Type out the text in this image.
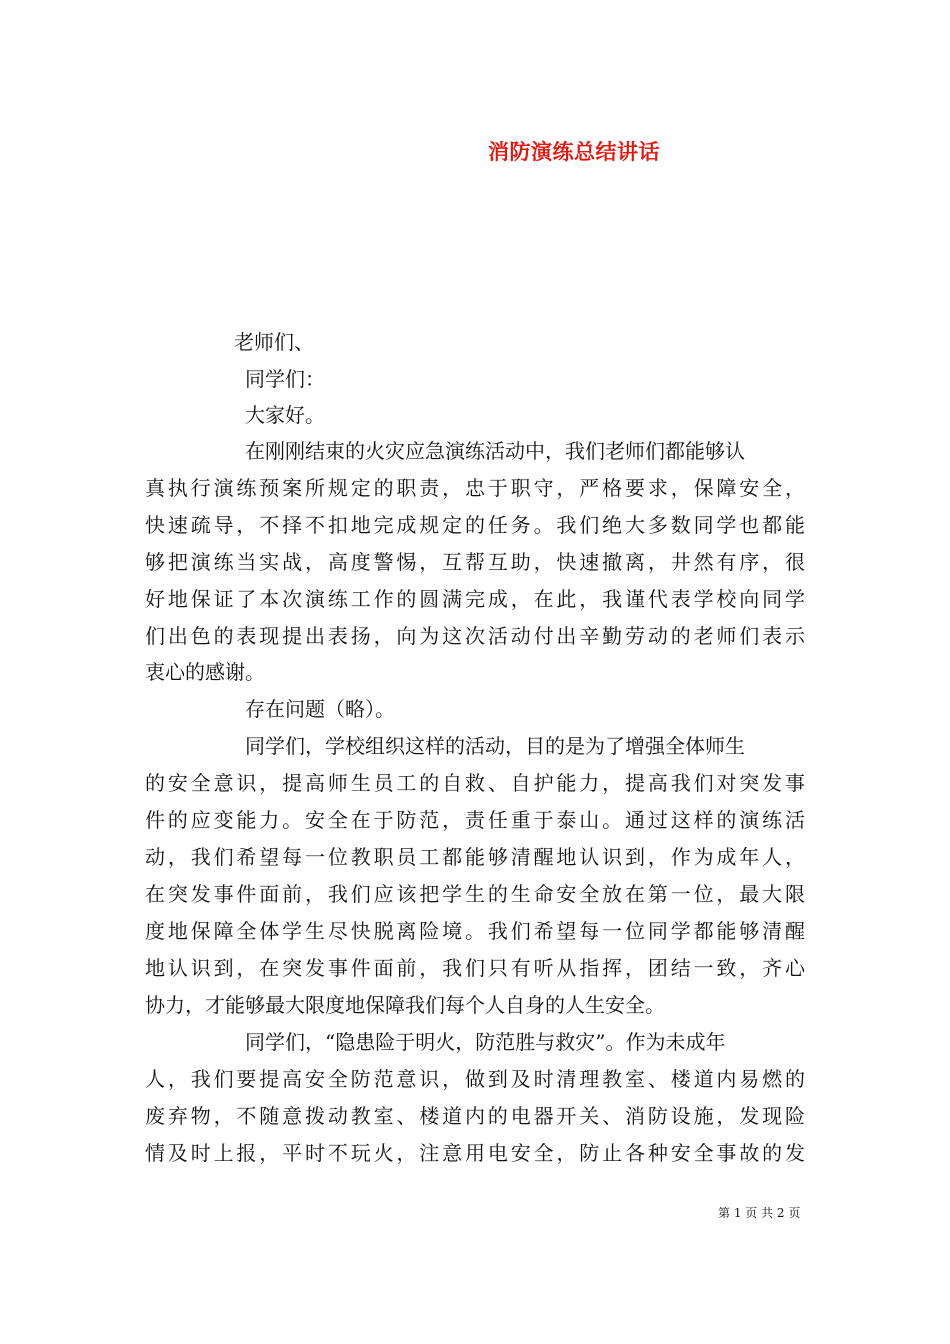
消防演练总结讲话
老师们、
同学们：
大家好。
在刚刚结束的火灾应急演练活动中，我们老师们都能够认
真执行演练预案所规定的职责，忠于职守，严格要求，保障安全，
快速疏导，不择不扣地完成规定的任务。我们绝大多数同学也都能
够把演练当实战，高度警惕，互帮互助，快速撤离，井然有序，很
好地保证了本次演练工作的圆满完成，在此，我谨代表学校向同学
们出色的表现提出表扬，向为这次活动付出辛勤劳动的老师们表示
衷心的感谢。
存在问题（略）。
同学们，学校组织这样的活动，目的是为了增强全体师生
的安全意识，提高师生员工的自救、自护能力，提高我们对突发事
件的应变能力。安全在于防范，责任重于泰山。通过这样的演练活
动，我们希望每一位教职员工都能够清醒地认识到，作为成年人，
在突发事件面前，我们应该把学生的生命安全放在第一位，最大限
度地保障全体学生尽快脱离险境。我们希望每一位同学都能够清醒
地认识到，在突发事件面前，我们只有听从指挥，团结一致，齐心
协力，才能够最大限度地保障我们每个人自身的人生安全。
同学们，“隐患险于明火，防范胜与救灾”。作为未成年
人，我们要提高安全防范意识，做到及时清理教室、楼道内易燃的
废弃物，不随意拨动教室、楼道内的电器开关、消防设施，发现险
情及时上报，平时不玩火，注意用电安全，防止各种安全事故的发
第 1 页 共 2 页
